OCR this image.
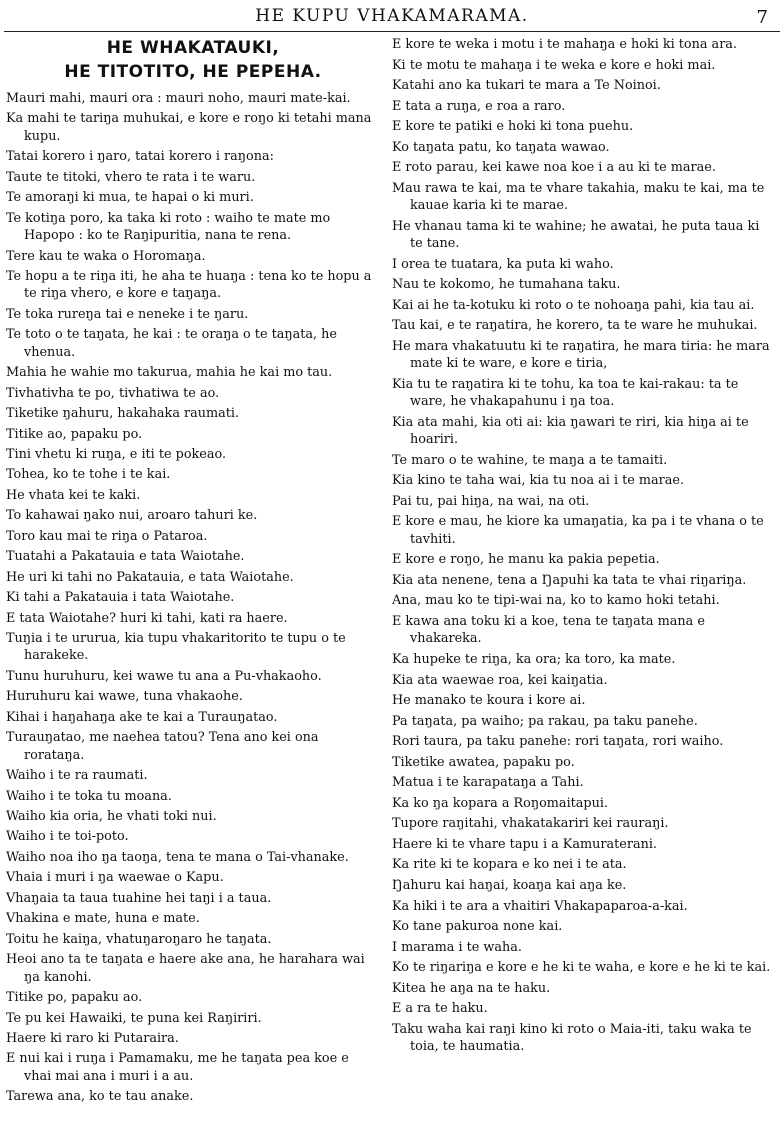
HE KUPU VHAKAMARAMA.	7
HE WHAKATAUKI,
HE TITOTITO, HE PEPEHA.
Mauri mahi, mauri ora : mauri noho, mauri mate-kai.
Ka mahi te tariŋa muhukai, e kore e roŋo ki tetahi mana kupu.
Tatai korero i ŋaro, tatai korero i raŋona:
Taute te titoki, vhero te rata i te waru.
Te amoraŋi ki mua, te hapai o ki muri.
Te kotiŋa poro, ka taka ki roto : waiho te mate mo Hapopo : ko te Raŋipuritia, nana te rena.
Tere kau te waka o Horomaŋa.
Te hopu a te riŋa iti, he aha te huaŋa : tena ko te hopu a te riŋa vhero, e kore e taŋaŋa.
Te toka rureŋa tai e neneke i te ŋaru.
Te toto o te taŋata, he kai : te oraŋa o te taŋata, he vhenua.
Mahia he wahie mo takurua, mahia he kai mo tau.
Tivhativha te po, tivhatiwa te ao.
Tiketike ŋahuru, hakahaka raumati.
Titike ao, papaku po.
Tini vhetu ki ruŋa, e iti te pokeao.
Tohea, ko te tohe i te kai.
He vhata kei te kaki.
To kahawai ŋako nui, aroaro tahuri ke.
Toro kau mai te riŋa o Pataroa.
Tuatahi a Pakatauia e tata Waiotahe.
He uri ki tahi no Pakatauia, e tata Waiotahe.
Ki tahi a Pakatauia i tata Waiotahe.
E tata Waiotahe? huri ki tahi, kati ra haere.
Tuŋia i te ururua, kia tupu vhakaritorito te tupu o te harakeke.
Tunu huruhuru, kei wawe tu ana a Pu-vhakaoho.
Huruhuru kai wawe, tuna vhakaohe.
Kihai i haŋahaŋa ake te kai a Turauŋatao.
Turauŋatao, me naehea tatou? Tena ano kei ona roratаŋa.
Waiho i te ra raumati.
Waiho i te toka tu moana.
Waiho kia oria, he vhati toki nui.
Waiho i te toi-poto.
Waiho noa iho ŋa taoŋa, tena te mana o Tai-vhanake.
Vhaia i muri i ŋa waewae o Kapu.
Vhaŋaia ta taua tuahine hei taŋi i a taua.
Vhakina e mate, huna e mate.
Toitu he kaiŋa, vhatuŋaroŋaro he taŋata.
Heoi ano ta te taŋata e haere ake ana, he harahara wai ŋa kanohi.
Titike po, papaku ao.
Te pu kei Hawaiki, te puna kei Raŋiriri.
Haere ki raro ki Putaraira.
E nui kai i ruŋa i Pamamaku, me he taŋata pea koe e vhai mai ana i muri i a au.
Tarewa ana, ko te tau anake.
E kore te weka i motu i te mahaŋa e hoki ki tona ara.
Ki te motu te mahaŋa i te weka e kore e hoki mai.
Katahi ano ka tukari te mara a Te Noinoi.
E tata a ruŋa, e roa a raro.
E kore te patiki e hoki ki tona puehu.
Ko taŋata patu, ko taŋata wawao.
E roto parau, kei kawe noa koe i a au ki te marae.
Mau rawa te kai, ma te vhare takahia, maku te kai, ma te kauae karia ki te marae.
He vhanau tama ki te wahine; he awatai, he puta taua ki te tane.
I orea te tuatara, ka puta ki waho.
Nau te kokomo, he tumahana taku.
Kai ai he ta-kotuku ki roto o te nohoaŋa pahi, kia tau ai.
Tau kai, e te raŋatira, he korero, ta te ware he muhukai.
He mara vhakatuutu ki te raŋatira, he mara tiria: he mara mate ki te ware, e kore e tiria,
Kia tu te raŋatira ki te tohu, ka toa te kai-rakau: ta te ware, he vhakapahunu i ŋa toa.
Kia ata mahi, kia oti ai: kia ŋawari te riri, kia hiŋa ai te hoariri.
Te maro o te wahine, te maŋa a te tamaiti.
Kia kino te taha wai, kia tu noa ai i te marae.
Pai tu, pai hiŋa, na wai, na oti.
E kore e mau, he kiore ka umaŋatia, ka pa i te vhana o te tavhiti.
E kore e roŋo, he manu ka pakia pepetia.
Kia ata nenene, tena a Ŋapuhi ka tata te vhai riŋariŋa.
Ana, mau ko te tipi-wai na, ko to kamo hoki tetahi.
E kawa ana toku ki a koe, tena te taŋata mana e vhakareka.
Ka hupeke te riŋa, ka ora; ka toro, ka mate.
Kia ata waewae roa, kei kaiŋatia.
He manako te koura i kore ai.
Pa taŋata, pa waiho; pa rakau, pa taku panehe.
Rori taura, pa taku panehe: rori taŋata, rori waiho.
Tiketike awatea, papaku po.
Matua i te karapataŋa a Tahi.
Ka ko ŋa kopara a Roŋomaitapui.
Tupore raŋitahi, vhakatakariri kei rauraŋi.
Haere ki te vhare tapu i a Kamuraterani.
Ka rite ki te kopara e ko nei i te ata.
Ŋahuru kai haŋai, koaŋa kai aŋa ke.
Ka hiki i te ara a vhaitiri Vhakapaparoa-a-kai.
Ko tane pakuroa none kai.
I marama i te waha.
Ko te riŋariŋa e kore e he ki te waha, e kore e he ki te kai.
Kitea he aŋa na te haku.
E a ra te haku.
Taku waha kai raŋi kino ki roto o Maia-iti, taku waka te toia, te haumatia.
